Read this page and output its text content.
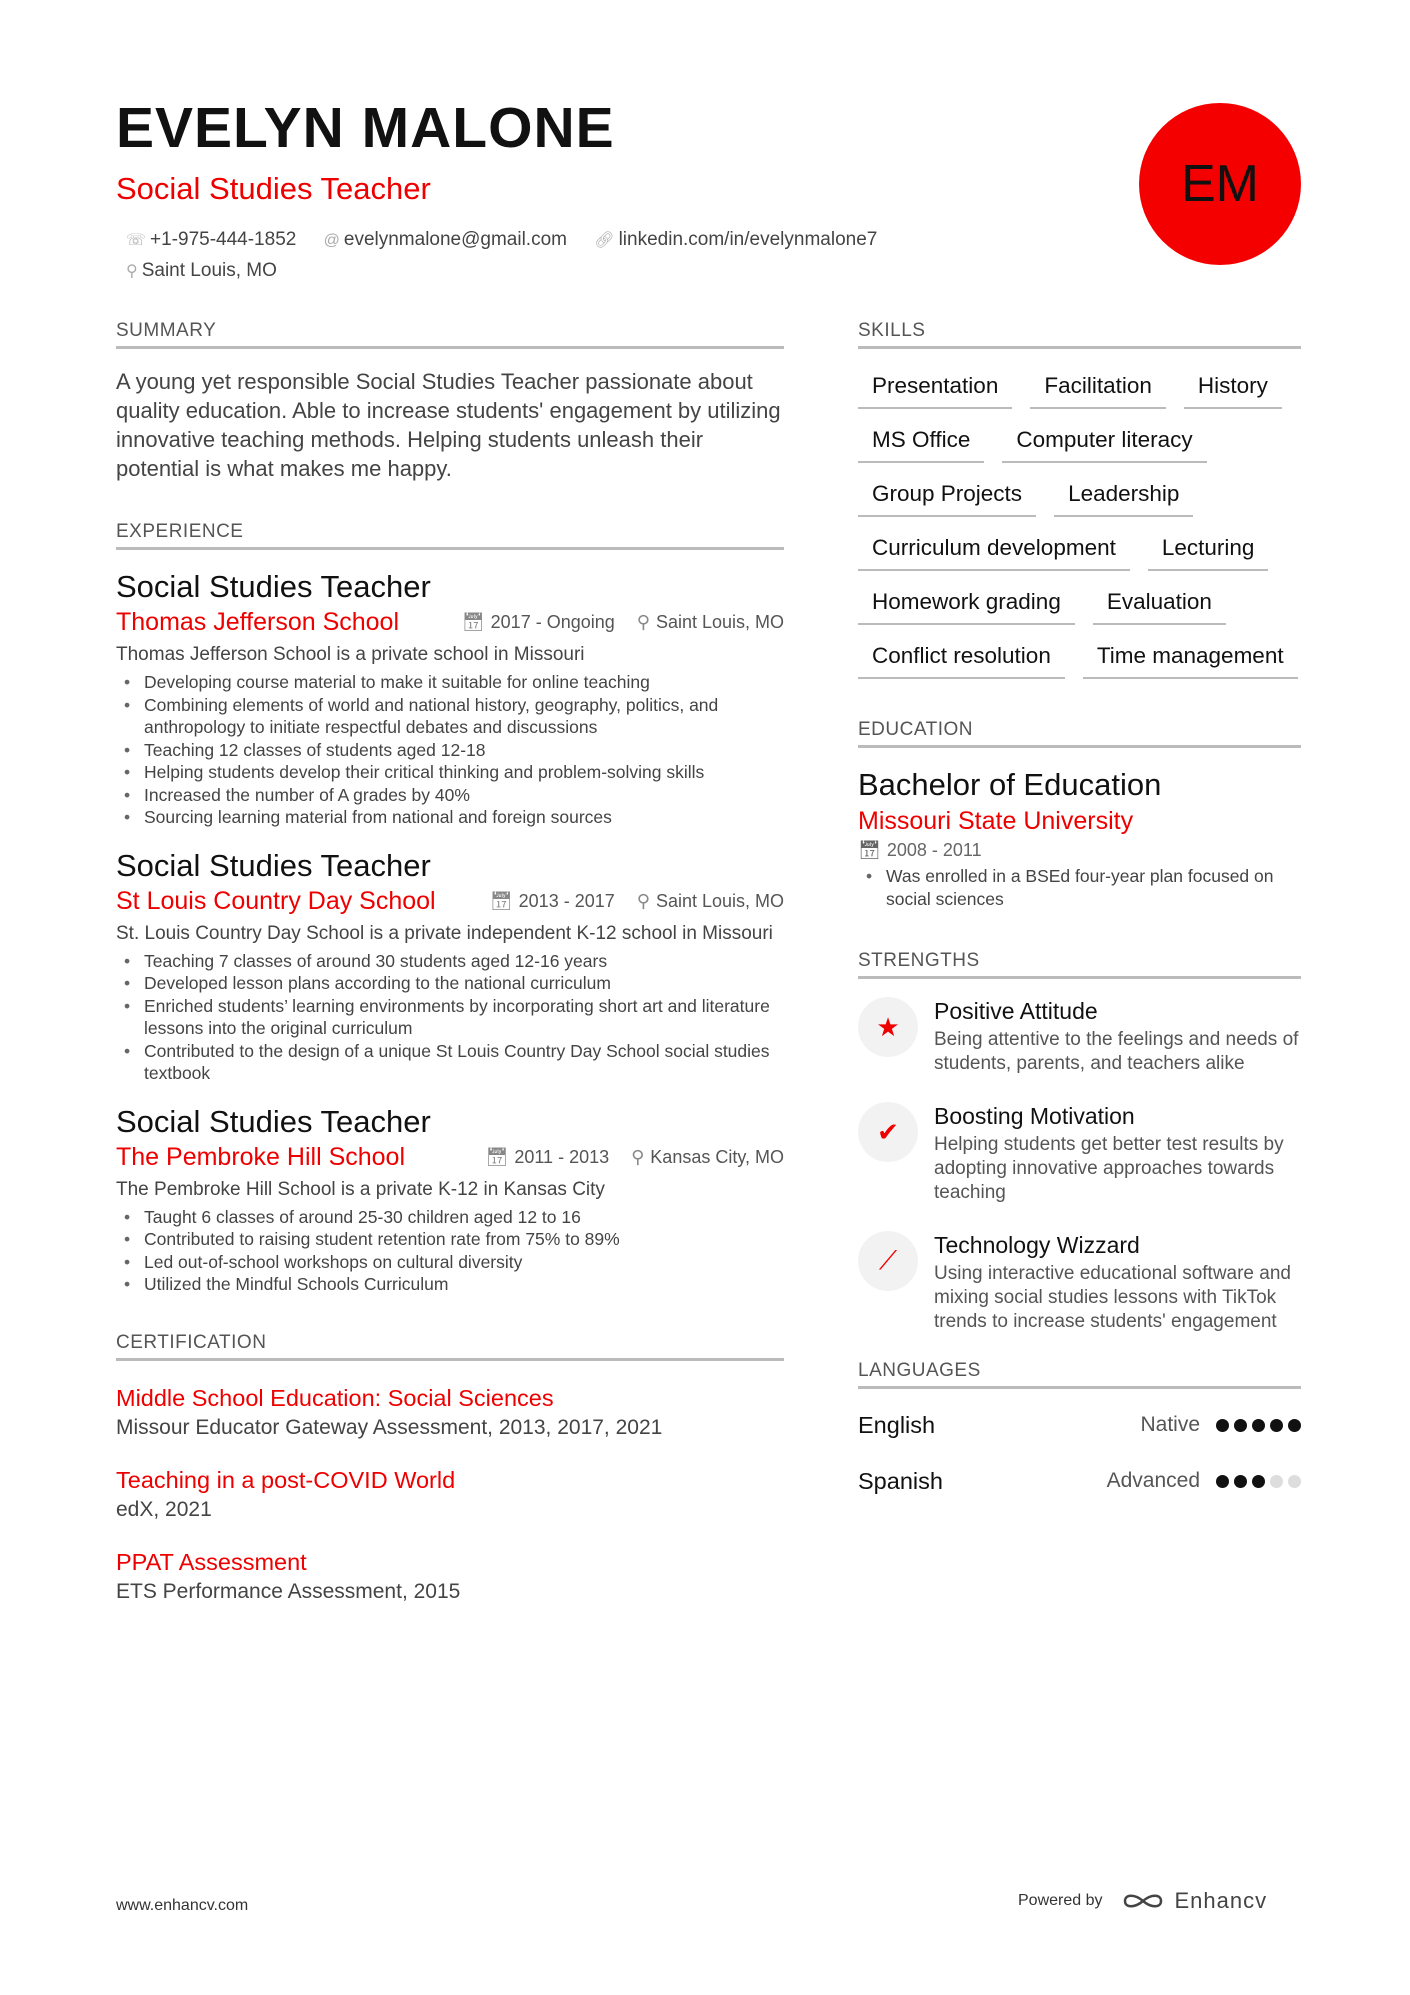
EVELYN MALONE
Social Studies Teacher
☏ +1-975-444-1852 @ evelynmalone@gmail.com 🔗︎ linkedin.com/in/evelynmalone7
⚲ Saint Louis, MO
EM
SUMMARY
A young yet responsible Social Studies Teacher passionate about quality education. Able to increase students' engagement by utilizing innovative teaching methods. Helping students unleash their potential is what makes me happy.
EXPERIENCE
Social Studies Teacher
Thomas Jefferson School	📅︎ 2017 - Ongoing ⚲ Saint Louis, MO
Thomas Jefferson School is a private school in Missouri
• Developing course material to make it suitable for online teaching
• Combining elements of world and national history, geography, politics, and anthropology to initiate respectful debates and discussions
• Teaching 12 classes of students aged 12-18
• Helping students develop their critical thinking and problem-solving skills
• Increased the number of A grades by 40%
• Sourcing learning material from national and foreign sources
Social Studies Teacher
St Louis Country Day School	📅︎ 2013 - 2017 ⚲ Saint Louis, MO
St. Louis Country Day School is a private independent K-12 school in Missouri
• Teaching 7 classes of around 30 students aged 12-16 years
• Developed lesson plans according to the national curriculum
• Enriched students’ learning environments by incorporating short art and literature lessons into the original curriculum
• Contributed to the design of a unique St Louis Country Day School social studies textbook
Social Studies Teacher
The Pembroke Hill School	📅︎ 2011 - 2013 ⚲ Kansas City, MO
The Pembroke Hill School is a private K-12 in Kansas City
• Taught 6 classes of around 25-30 children aged 12 to 16
• Contributed to raising student retention rate from 75% to 89%
• Led out-of-school workshops on cultural diversity
• Utilized the Mindful Schools Curriculum
CERTIFICATION
Middle School Education: Social Sciences
Missour Educator Gateway Assessment, 2013, 2017, 2021
Teaching in a post-COVID World
edX, 2021
PPAT Assessment
ETS Performance Assessment, 2015
SKILLS
Presentation	Facilitation	History
MS Office	Computer literacy
Group Projects	Leadership
Curriculum development	Lecturing
Homework grading	Evaluation
Conflict resolution	Time management
EDUCATION
Bachelor of Education
Missouri State University
📅︎ 2008 - 2011
• Was enrolled in a BSEd four-year plan focused on social sciences
STRENGTHS
★
Positive Attitude
Being attentive to the feelings and needs of students, parents, and teachers alike
✔
Boosting Motivation
Helping students get better test results by adopting innovative approaches towards teaching
⟋	Technology Wizzard
Using interactive educational software and mixing social studies lessons with TikTok trends to increase students' engagement
LANGUAGES
English	Native
Spanish	Advanced
www.enhancv.com	Powered by	Enhancv
